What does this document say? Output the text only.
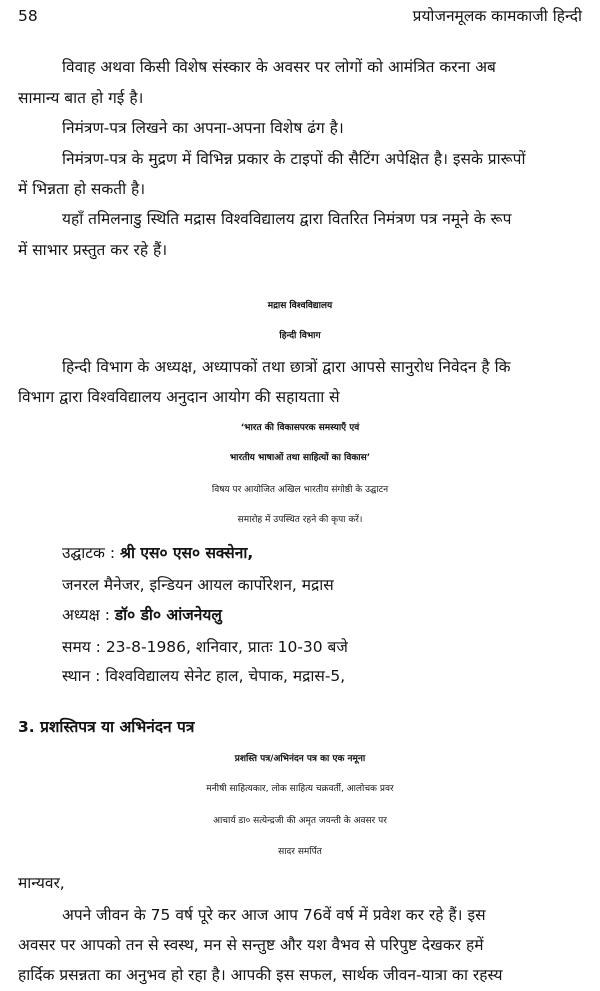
58	प्रयोजनमूलक कामकाजी हिन्दी
विवाह अथवा किसी विशेष संस्कार के अवसर पर लोगों को आमंत्रित करना अब
सामान्य बात हो गई है।
निमंत्रण-पत्र लिखने का अपना-अपना विशेष ढंग है।
निमंत्रण-पत्र के मुद्रण में विभिन्न प्रकार के टाइपों की सैटिंग अपेक्षित है। इसके प्रारूपों
में भिन्नता हो सकती है।
यहाँ तमिलनाडु स्थिति मद्रास विश्वविद्यालय द्वारा वितरित निमंत्रण पत्र नमूने के रूप
में साभार प्रस्तुत कर रहे हैं।
मद्रास विश्वविद्यालय
हिन्दी विभाग
हिन्दी विभाग के अध्यक्ष, अध्यापकों तथा छात्रों द्वारा आपसे सानुरोध निवेदन है कि
विभाग द्वारा विश्वविद्यालय अनुदान आयोग की सहायताा से
‘भारत की विकासपरक समस्याएँ एवं
भारतीय भाषाओं तथा साहित्यों का विकास’
विषय पर आयोजित अखिल भारतीय संगोष्ठी के उद्घाटन
समारोह में उपस्थित रहने की कृपा करें।
उद्घाटक : श्री एस० एस० सक्सेना,
जनरल मैनेजर, इन्डियन आयल कार्पोरेशन, मद्रास
अध्यक्ष : डॉ० डी० आंजनेयलु
समय : 23-8-1986, शनिवार, प्रातः 10-30 बजे
स्थान : विश्वविद्यालय सेनेट हाल, चेपाक, मद्रास-5,
3. प्रशस्तिपत्र या अभिनंदन पत्र
प्रशस्ति पत्र/अभिनंदन पत्र का एक नमूना
मनीषी साहित्यकार, लोक साहित्य चक्रवर्ती, आलोचक प्रवर
आचार्य डा० सत्येन्द्रजी की अमृत जयन्ती के अवसर पर
सादर समर्पित
मान्यवर,
अपने जीवन के 75 वर्ष पूरे कर आज आप 76वें वर्ष में प्रवेश कर रहे हैं। इस
अवसर पर आपको तन से स्वस्थ, मन से सन्तुष्ट और यश वैभव से परिपुष्ट देखकर हमें
हार्दिक प्रसन्नता का अनुभव हो रहा है। आपकी इस सफल, सार्थक जीवन-यात्रा का रहस्य
